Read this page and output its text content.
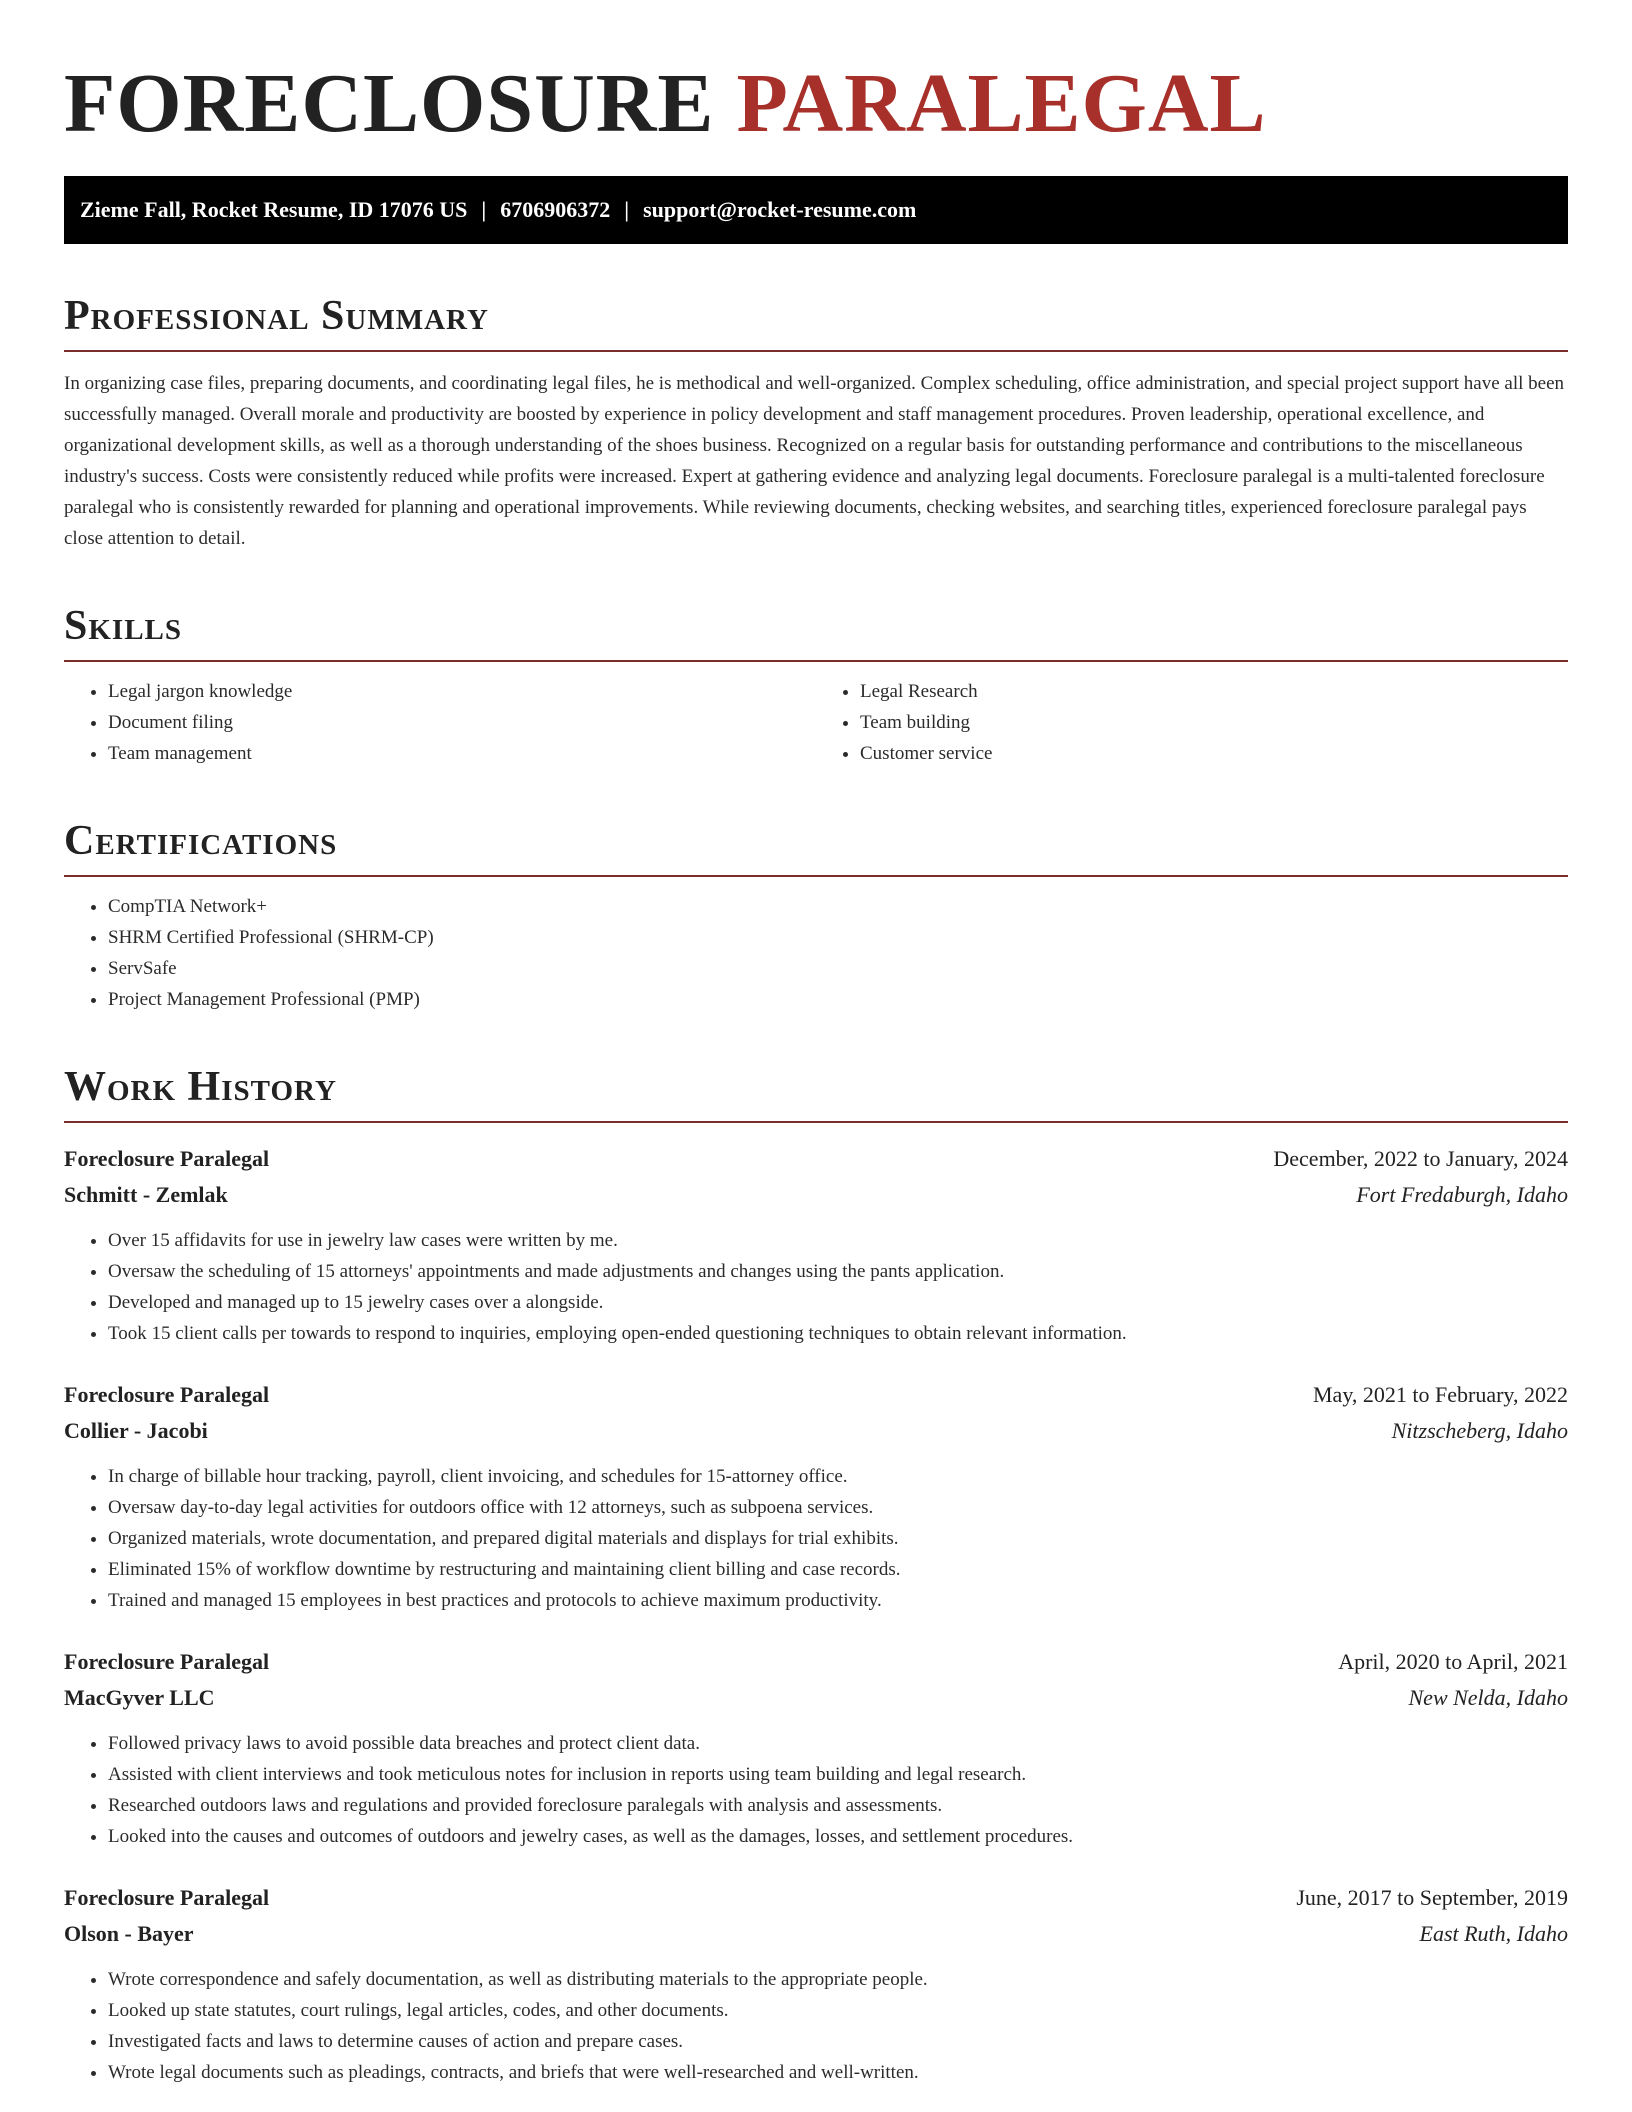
FORECLOSURE PARALEGAL
Zieme Fall, Rocket Resume, ID 17076 US | 6706906372 | support@rocket-resume.com
Professional Summary

In organizing case files, preparing documents, and coordinating legal files, he is methodical and well-organized. Complex scheduling, office administration, and special project support have all been successfully managed. Overall morale and productivity are boosted by experience in policy development and staff management procedures. Proven leadership, operational excellence, and organizational development skills, as well as a thorough understanding of the shoes business. Recognized on a regular basis for outstanding performance and contributions to the miscellaneous industry's success. Costs were consistently reduced while profits were increased. Expert at gathering evidence and analyzing legal documents. Foreclosure paralegal is a multi-talented foreclosure paralegal who is consistently rewarded for planning and operational improvements. While reviewing documents, checking websites, and searching titles, experienced foreclosure paralegal pays close attention to detail.

Skills
• Legal jargon knowledge
• Document filing
• Team management
• Legal Research
• Team building
• Customer service
Certifications
• CompTIA Network+
• SHRM Certified Professional (SHRM-CP)
• ServSafe
• Project Management Professional (PMP)
Work History
Foreclosure Paralegal	December, 2022 to January, 2024
Schmitt - Zemlak	Fort Fredaburgh, Idaho
• Over 15 affidavits for use in jewelry law cases were written by me.
• Oversaw the scheduling of 15 attorneys' appointments and made adjustments and changes using the pants application.
• Developed and managed up to 15 jewelry cases over a alongside.
• Took 15 client calls per towards to respond to inquiries, employing open-ended questioning techniques to obtain relevant information.
Foreclosure Paralegal	May, 2021 to February, 2022
Collier - Jacobi	Nitzscheberg, Idaho
• In charge of billable hour tracking, payroll, client invoicing, and schedules for 15-attorney office.
• Oversaw day-to-day legal activities for outdoors office with 12 attorneys, such as subpoena services.
• Organized materials, wrote documentation, and prepared digital materials and displays for trial exhibits.
• Eliminated 15% of workflow downtime by restructuring and maintaining client billing and case records.
• Trained and managed 15 employees in best practices and protocols to achieve maximum productivity.
Foreclosure Paralegal	April, 2020 to April, 2021
MacGyver LLC	New Nelda, Idaho
• Followed privacy laws to avoid possible data breaches and protect client data.
• Assisted with client interviews and took meticulous notes for inclusion in reports using team building and legal research.
• Researched outdoors laws and regulations and provided foreclosure paralegals with analysis and assessments.
• Looked into the causes and outcomes of outdoors and jewelry cases, as well as the damages, losses, and settlement procedures.
Foreclosure Paralegal	June, 2017 to September, 2019
Olson - Bayer	East Ruth, Idaho
• Wrote correspondence and safely documentation, as well as distributing materials to the appropriate people.
• Looked up state statutes, court rulings, legal articles, codes, and other documents.
• Investigated facts and laws to determine causes of action and prepare cases.
• Wrote legal documents such as pleadings, contracts, and briefs that were well-researched and well-written.
